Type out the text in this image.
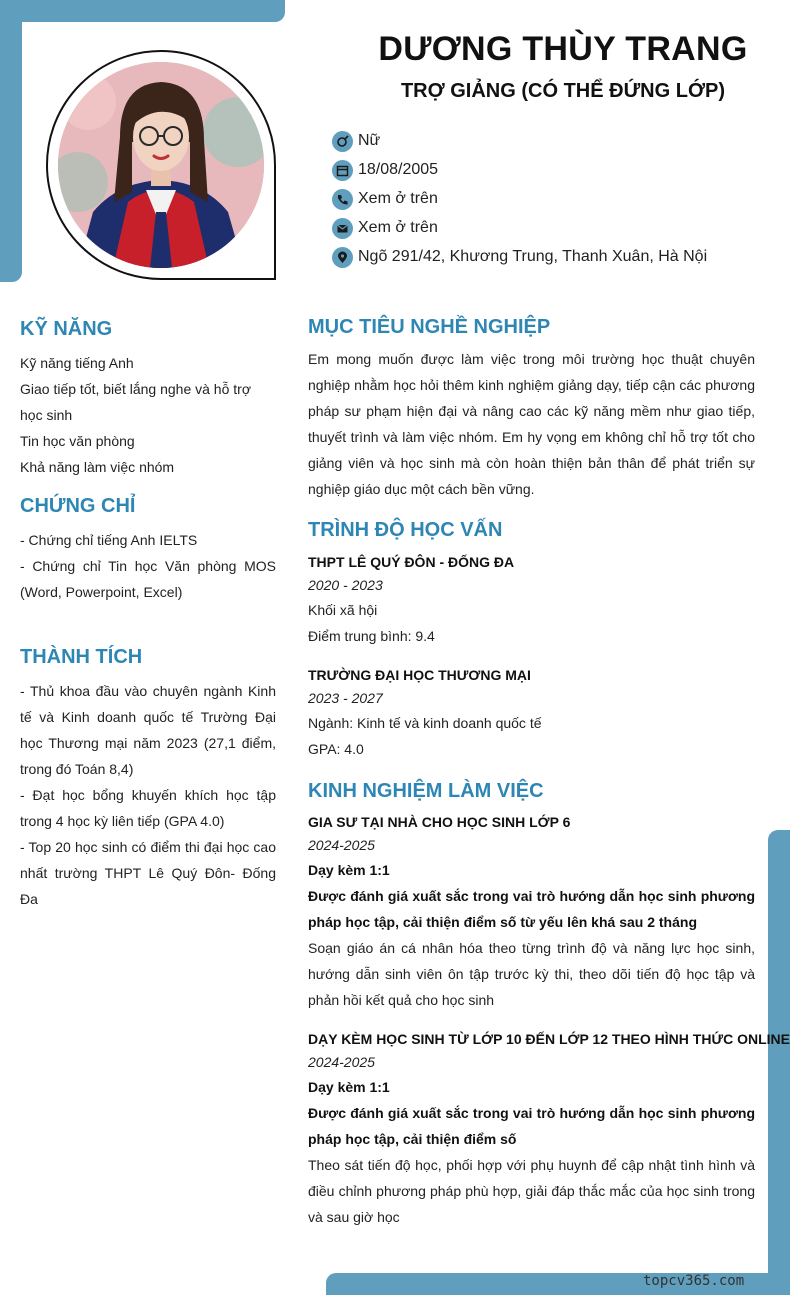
DƯƠNG THÙY TRANG
TRỢ GIẢNG (CÓ THỂ ĐỨNG LỚP)
Nữ
18/08/2005
Xem ở trên
Xem ở trên
Ngõ 291/42, Khương Trung, Thanh Xuân, Hà Nội
KỸ NĂNG
Kỹ năng tiếng Anh
Giao tiếp tốt, biết lắng nghe và hỗ trợ học sinh
Tin học văn phòng
Khả năng làm việc nhóm
CHỨNG CHỈ
- Chứng chỉ tiếng Anh IELTS
- Chứng chỉ Tin học Văn phòng MOS (Word, Powerpoint, Excel)
THÀNH TÍCH
- Thủ khoa đầu vào chuyên ngành Kinh tế và Kinh doanh quốc tế Trường Đại học Thương mại năm 2023 (27,1 điểm, trong đó Toán 8,4)
- Đạt học bổng khuyến khích học tập trong 4 học kỳ liên tiếp (GPA 4.0)
- Top 20 học sinh có điểm thi đại học cao nhất trường THPT Lê Quý Đôn- Đống Đa
MỤC TIÊU NGHỀ NGHIỆP
Em mong muốn được làm việc trong môi trường học thuật chuyên nghiệp nhằm học hỏi thêm kinh nghiệm giảng dạy, tiếp cận các phương pháp sư phạm hiện đại và nâng cao các kỹ năng mềm như giao tiếp, thuyết trình và làm việc nhóm. Em hy vọng em không chỉ hỗ trợ tốt cho giảng viên và học sinh mà còn hoàn thiện bản thân để phát triển sự nghiệp giáo dục một cách bền vững.
TRÌNH ĐỘ HỌC VẤN
THPT LÊ QUÝ ĐÔN - ĐỐNG ĐA
2020 - 2023
Khối xã hội
Điểm trung bình: 9.4
TRƯỜNG ĐẠI HỌC THƯƠNG MẠI
2023 - 2027
Ngành: Kinh tế và kinh doanh quốc tế
GPA: 4.0
KINH NGHIỆM LÀM VIỆC
GIA SƯ TẠI NHÀ CHO HỌC SINH LỚP 6
2024-2025
Dạy kèm 1:1
Được đánh giá xuất sắc trong vai trò hướng dẫn học sinh phương pháp học tập, cải thiện điểm số từ yếu lên khá sau 2 tháng
Soạn giáo án cá nhân hóa theo từng trình độ và năng lực học sinh, hướng dẫn sinh viên ôn tập trước kỳ thi, theo dõi tiến độ học tập và phản hồi kết quả cho học sinh
DẠY KÈM HỌC SINH TỪ LỚP 10 ĐẾN LỚP 12 THEO HÌNH THỨC ONLINE
2024-2025
Dạy kèm 1:1
Được đánh giá xuất sắc trong vai trò hướng dẫn học sinh phương pháp học tập, cải thiện điểm số
Theo sát tiến độ học, phối hợp với phụ huynh để cập nhật tình hình và điều chỉnh phương pháp phù hợp, giải đáp thắc mắc của học sinh trong và sau giờ học
topcv365.com
